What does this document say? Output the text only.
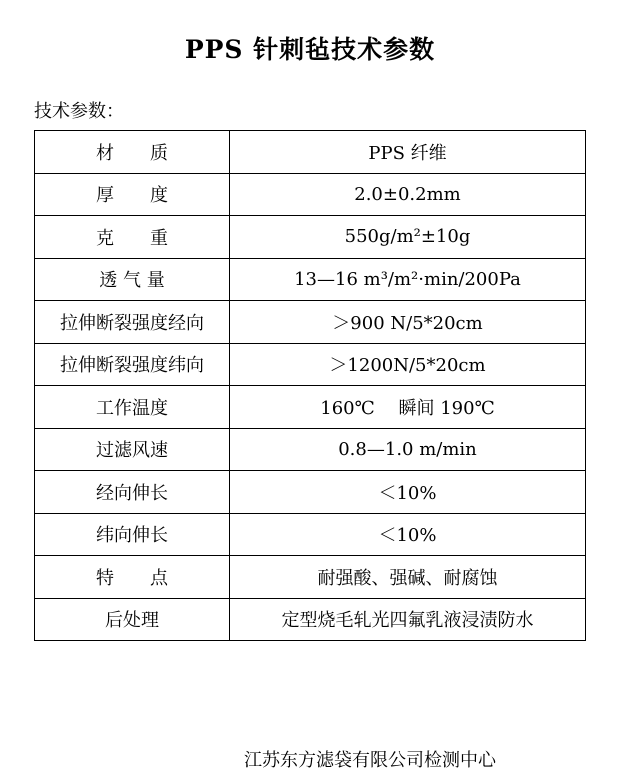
PPS 针刺毡技术参数
技术参数：
材　　质	PPS 纤维
厚　　度	2.0±0.2mm
克　　重	550g/m²±10g
透 气 量	13—16 m³/m²·min/200Pa
拉伸断裂强度经向	＞900 N/5*20cm
拉伸断裂强度纬向	＞1200N/5*20cm
工作温度	160℃　 瞬间 190℃
过滤风速	0.8—1.0 m/min
经向伸长	＜10%
纬向伸长	＜10%
特　　点	耐强酸、强碱、耐腐蚀
后处理	定型烧毛轧光四氟乳液浸渍防水
江苏东方滤袋有限公司检测中心
